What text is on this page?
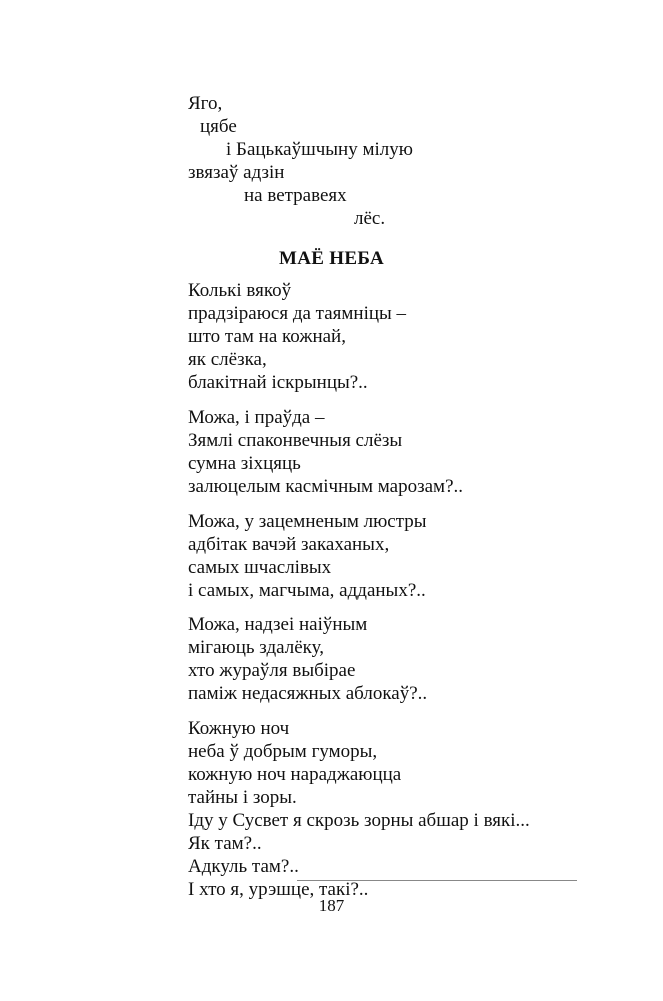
Яго,
цябе
і Бацькаўшчыну мілую
звязаў адзін
на ветравеях
лёс.
МАЁ НЕБА
Колькі вякоў
прадзіраюся да таямніцы –
што там на кожнай,
як слёзка,
блакітнай іскрынцы?..
Можа, і праўда –
Зямлі спаконвечныя слёзы
сумна зіхцяць
залюцелым касмічным марозам?..
Можа, у зацемненым люстры
адбітак вачэй закаханых,
самых шчаслівых
і самых, магчыма, адданых?..
Можа, надзеі наіўным
мігаюць здалёку,
хто жураўля выбірае
паміж недасяжных аблокаў?..
Кожную ноч
неба ў добрым гуморы,
кожную ноч нараджаюцца
тайны і зоры.
Іду у Сусвет я скрозь зорны абшар і вякі...
Як там?..
Адкуль там?..
І хто я, урэшце, такі?..
187
